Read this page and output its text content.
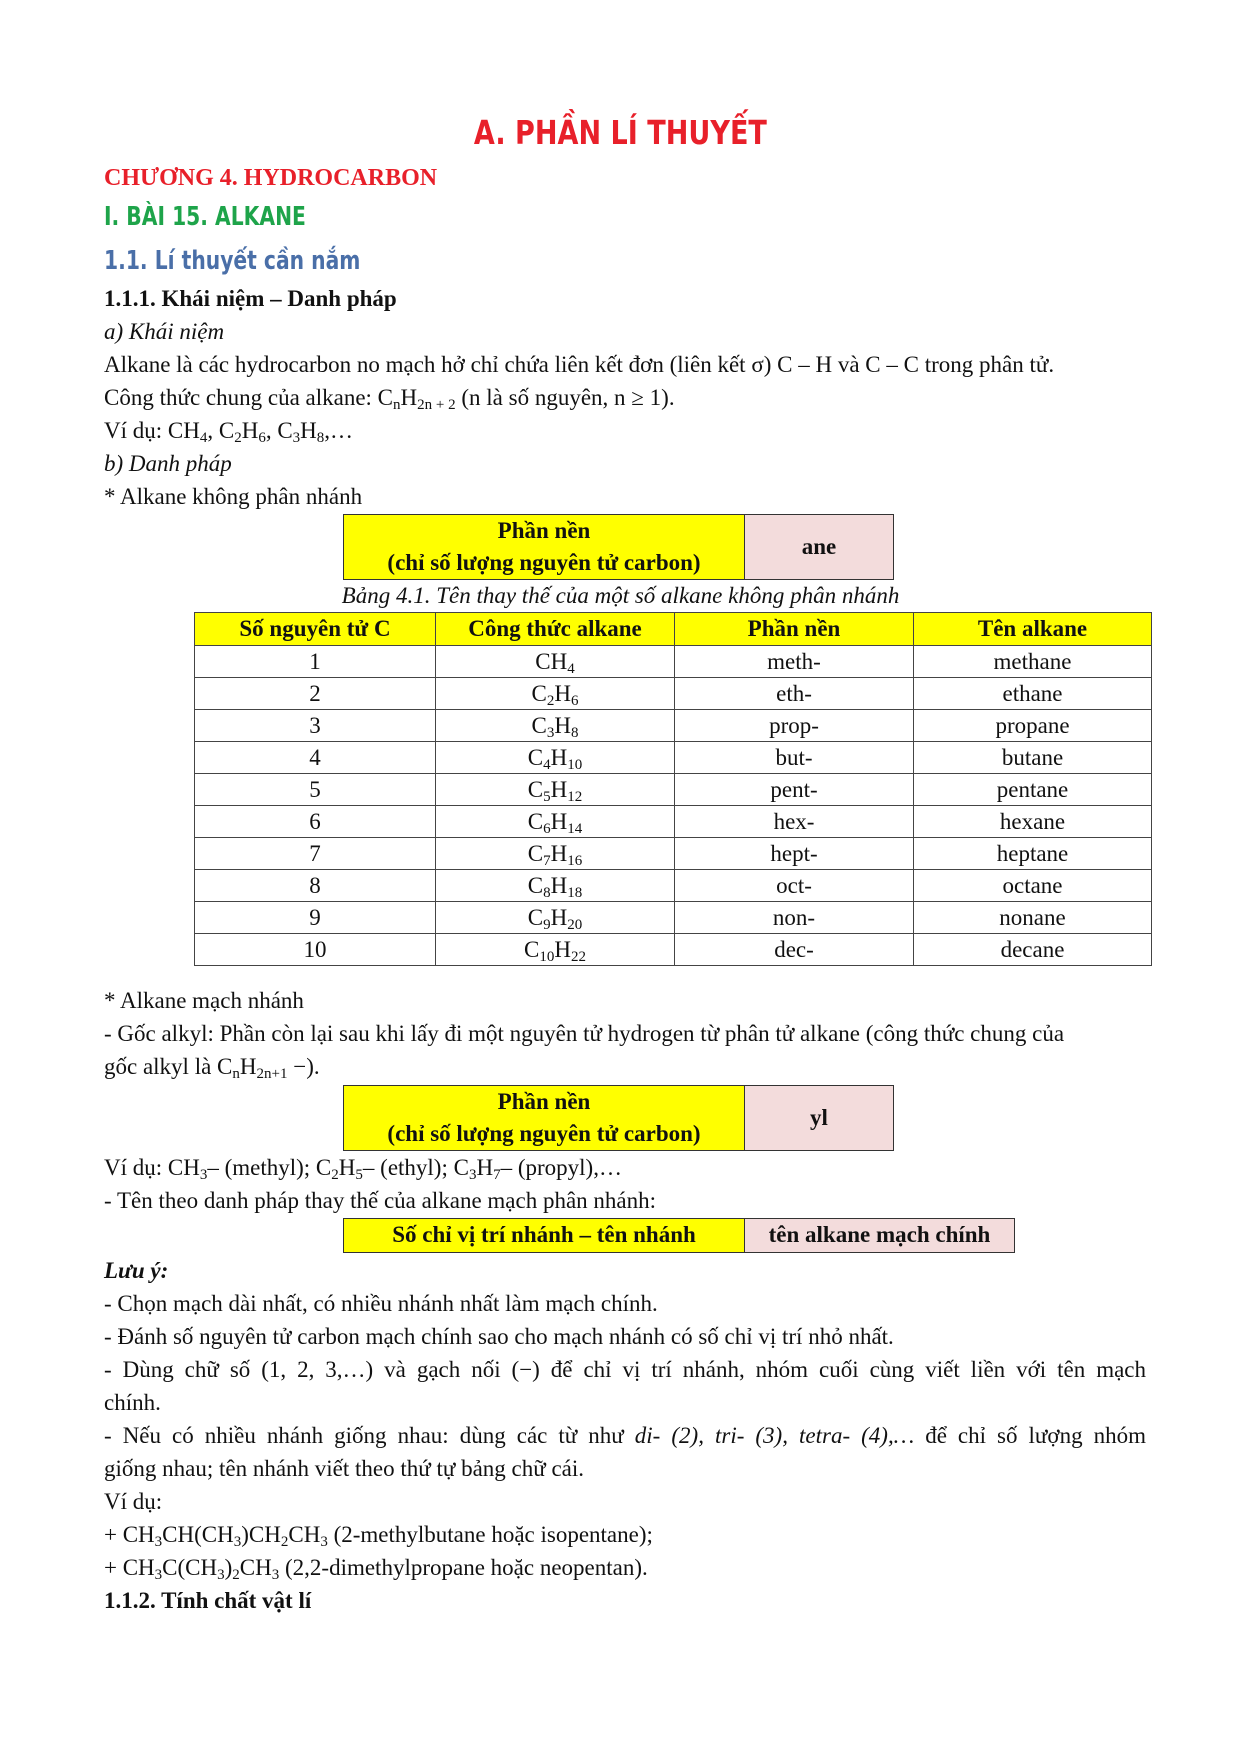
A. PHẦN LÍ THUYẾT
CHƯƠNG 4. HYDROCARBON
I. BÀI 15. ALKANE
1.1. Lí thuyết cần nắm
1.1.1. Khái niệm – Danh pháp
a) Khái niệm
Alkane là các hydrocarbon no mạch hở chỉ chứa liên kết đơn (liên kết σ) C – H và C – C trong phân tử.
Công thức chung của alkane: $C_nH_{2n + 2}$ (n là số nguyên, n ≥ 1).
Ví dụ: $CH_4$, $C_2H_6$, $C_3H_8,\dots$
b) Danh pháp
* Alkane không phân nhánh
Phần nền
(chỉ số lượng nguyên tử carbon)
ane
Bảng 4.1. Tên thay thế của một số alkane không phân nhánh
Số nguyên tử C	Công thức alkane	Phần nền	Tên alkane
1	$CH_4$	meth-	methane
2	$C_2H_6$	eth-	ethane
3	$C_3H_8$	prop-	propane
4	$C_4H_{10}$	but-	butane
5	$C_5H_{12}$	pent-	pentane
6	$C_6H_{14}$	hex-	hexane
7	$C_7H_{16}$	hept-	heptane
8	$C_8H_{18}$	oct-	octane
9	$C_9H_{20}$	non-	nonane
10	$C_{10}H_{22}$	dec-	decane
* Alkane mạch nhánh
- Gốc alkyl: Phần còn lại sau khi lấy đi một nguyên tử hydrogen từ phân tử alkane (công thức chung của
gốc alkyl là $C_nH_{2n+1}$ −).
Phần nền
(chỉ số lượng nguyên tử carbon)
yl
Ví dụ: $CH_3-$ (methyl); $C_2H_5-$ (ethyl); $C_3H_7-$ (propyl),…
- Tên theo danh pháp thay thế của alkane mạch phân nhánh:
Số chỉ vị trí nhánh – tên nhánh	tên alkane mạch chính
Lưu ý:
- Chọn mạch dài nhất, có nhiều nhánh nhất làm mạch chính.
- Đánh số nguyên tử carbon mạch chính sao cho mạch nhánh có số chỉ vị trí nhỏ nhất.
- Dùng chữ số (1, 2, 3,…) và gạch nối (−) để chỉ vị trí nhánh, nhóm cuối cùng viết liền với tên mạch
chính.
- Nếu có nhiều nhánh giống nhau: dùng các từ như di- (2), tri- (3), tetra- (4),… để chỉ số lượng nhóm
giống nhau; tên nhánh viết theo thứ tự bảng chữ cái.
Ví dụ:
+ $CH_3CH(CH_3)CH_2CH_3$ (2-methylbutane hoặc isopentane);
+ $CH_3C(CH_3)_2CH_3$ (2,2-dimethylpropane hoặc neopentan).
1.1.2. Tính chất vật lí
